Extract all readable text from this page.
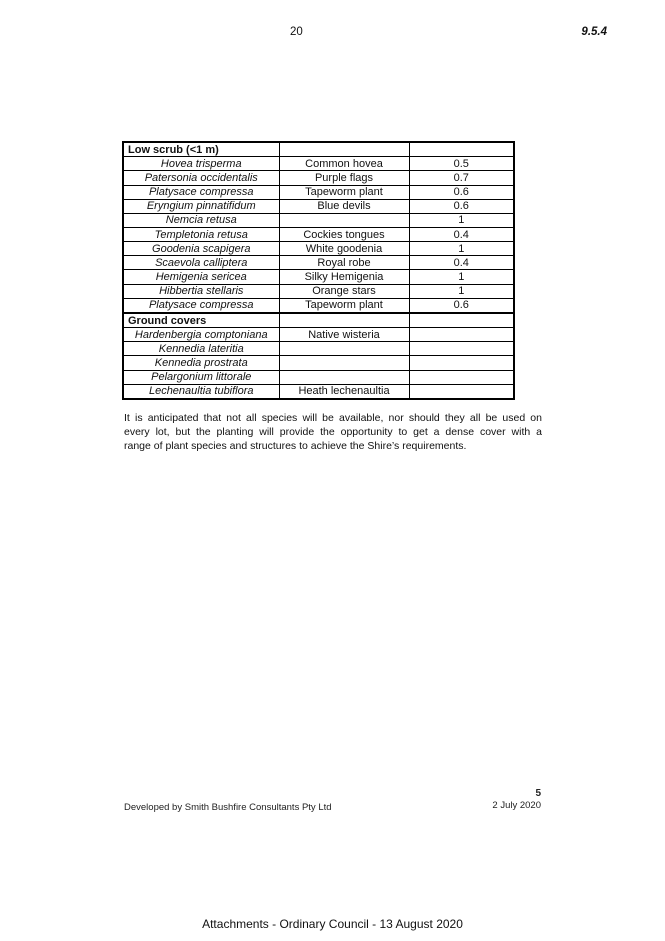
20	9.5.4
Low scrub (<1 m)		
Hovea trisperma	Common hovea	0.5
Patersonia occidentalis	Purple flags	0.7
Platysace compressa	Tapeworm plant	0.6
Eryngium pinnatifidum	Blue devils	0.6
Nemcia retusa		1
Templetonia retusa	Cockies tongues	0.4
Goodenia scapigera	White goodenia	1
Scaevola calliptera	Royal robe	0.4
Hemigenia sericea	Silky Hemigenia	1
Hibbertia stellaris	Orange stars	1
Platysace compressa	Tapeworm plant	0.6

Ground covers		
Hardenbergia comptoniana	Native wisteria	
Kennedia lateritia		
Kennedia prostrata		
Pelargonium littorale		
Lechenaultia tubiflora	Heath lechenaultia	
It is anticipated that not all species will be available, nor should they all be used on
every lot, but the planting will provide the opportunity to get a dense cover with a
range of plant species and structures to achieve the Shire’s requirements.
Developed by Smith Bushfire Consultants Pty Ltd
5
2 July 2020
Attachments - Ordinary Council - 13 August 2020
